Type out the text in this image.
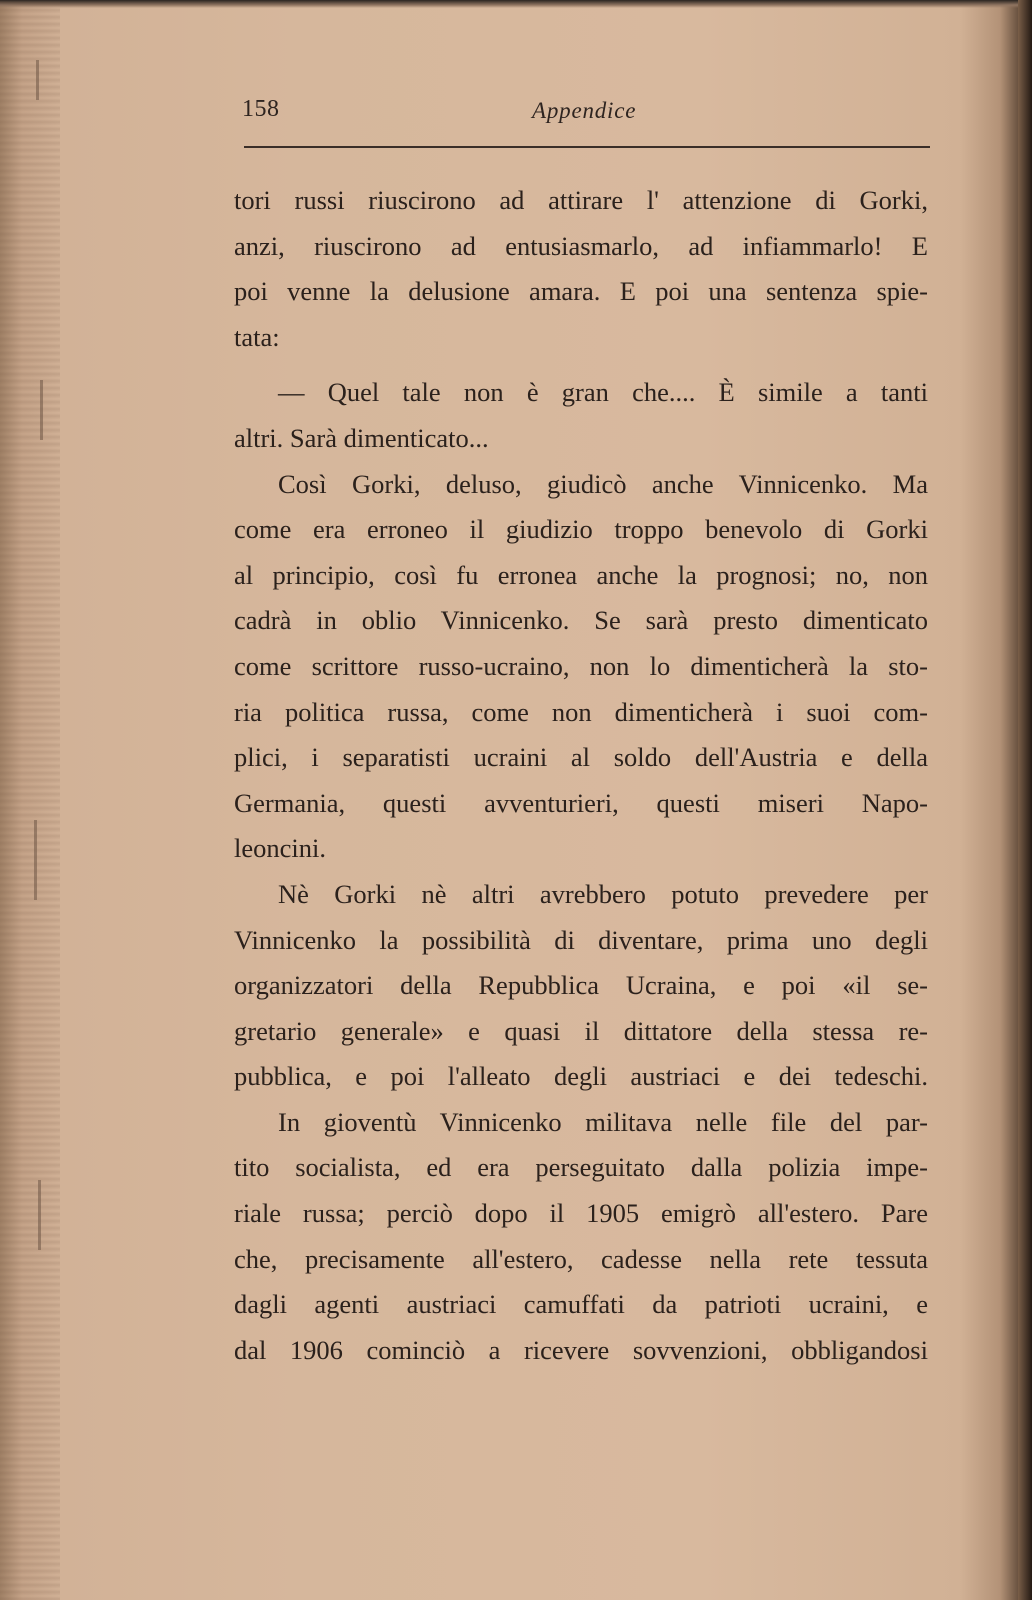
158	Appendice
tori russi riuscirono ad attirare l' attenzione di Gorki,
anzi, riuscirono ad entusiasmarlo, ad infiammarlo! E
poi venne la delusione amara. E poi una sentenza spie-
tata:
— Quel tale non è gran che.... È simile a tanti
altri. Sarà dimenticato...
Così Gorki, deluso, giudicò anche Vinnicenko. Ma
come era erroneo il giudizio troppo benevolo di Gorki
al principio, così fu erronea anche la prognosi; no, non
cadrà in oblio Vinnicenko. Se sarà presto dimenticato
come scrittore russo-ucraino, non lo dimenticherà la sto-
ria politica russa, come non dimenticherà i suoi com-
plici, i separatisti ucraini al soldo dell'Austria e della
Germania, questi avventurieri, questi miseri Napo-
leoncini.
Nè Gorki nè altri avrebbero potuto prevedere per
Vinnicenko la possibilità di diventare, prima uno degli
organizzatori della Repubblica Ucraina, e poi «il se-
gretario generale» e quasi il dittatore della stessa re-
pubblica, e poi l'alleato degli austriaci e dei tedeschi.
In gioventù Vinnicenko militava nelle file del par-
tito socialista, ed era perseguitato dalla polizia impe-
riale russa; perciò dopo il 1905 emigrò all'estero. Pare
che, precisamente all'estero, cadesse nella rete tessuta
dagli agenti austriaci camuffati da patrioti ucraini, e
dal 1906 cominciò a ricevere sovvenzioni, obbligandosi
